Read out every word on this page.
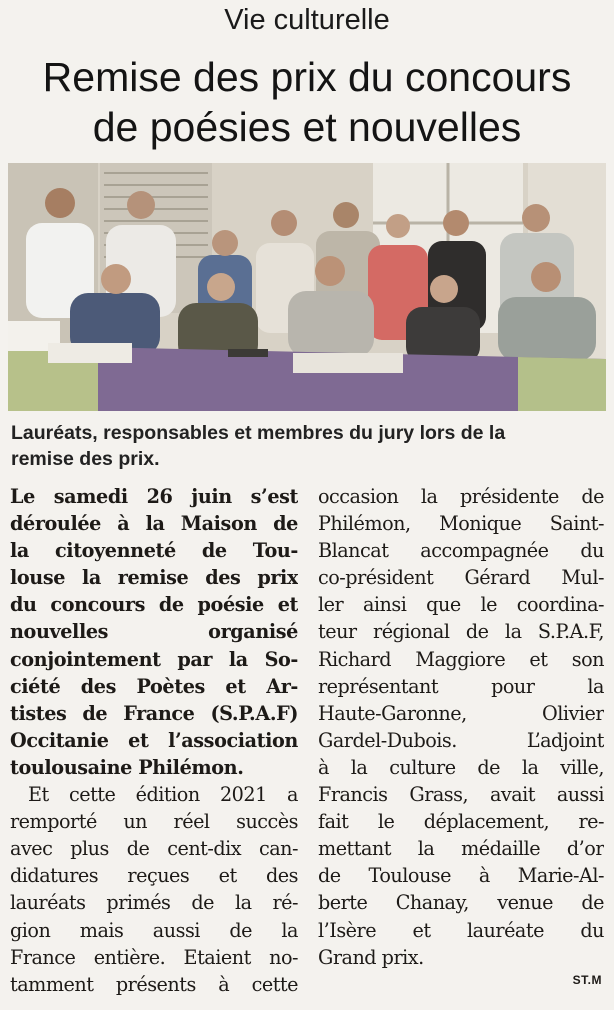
Vie culturelle
Remise des prix du concours
de poésies et nouvelles
Lauréats, responsables et membres du jury lors de la
remise des prix.
Le samedi 26 juin s’est
déroulée à la Maison de
la citoyenneté de Tou-
louse la remise des prix
du concours de poésie et
nouvelles organisé
conjointement par la So-
ciété des Poètes et Ar-
tistes de France (S.P.A.F)
Occitanie et l’association
toulousaine Philémon.
Et cette édition 2021 a
remporté un réel succès
avec plus de cent-dix can-
didatures reçues et des
lauréats primés de la ré-
gion mais aussi de la
France entière. Etaient no-
tamment présents à cette
occasion la présidente de
Philémon, Monique Saint-
Blancat accompagnée du
co-président Gérard Mul-
ler ainsi que le coordina-
teur régional de la S.P.A.F,
Richard Maggiore et son
représentant pour la
Haute-Garonne, Olivier
Gardel-Dubois. L’adjoint
à la culture de la ville,
Francis Grass, avait aussi
fait le déplacement, re-
mettant la médaille d’or
de Toulouse à Marie-Al-
berte Chanay, venue de
l’Isère et lauréate du
Grand prix.
ST.M
